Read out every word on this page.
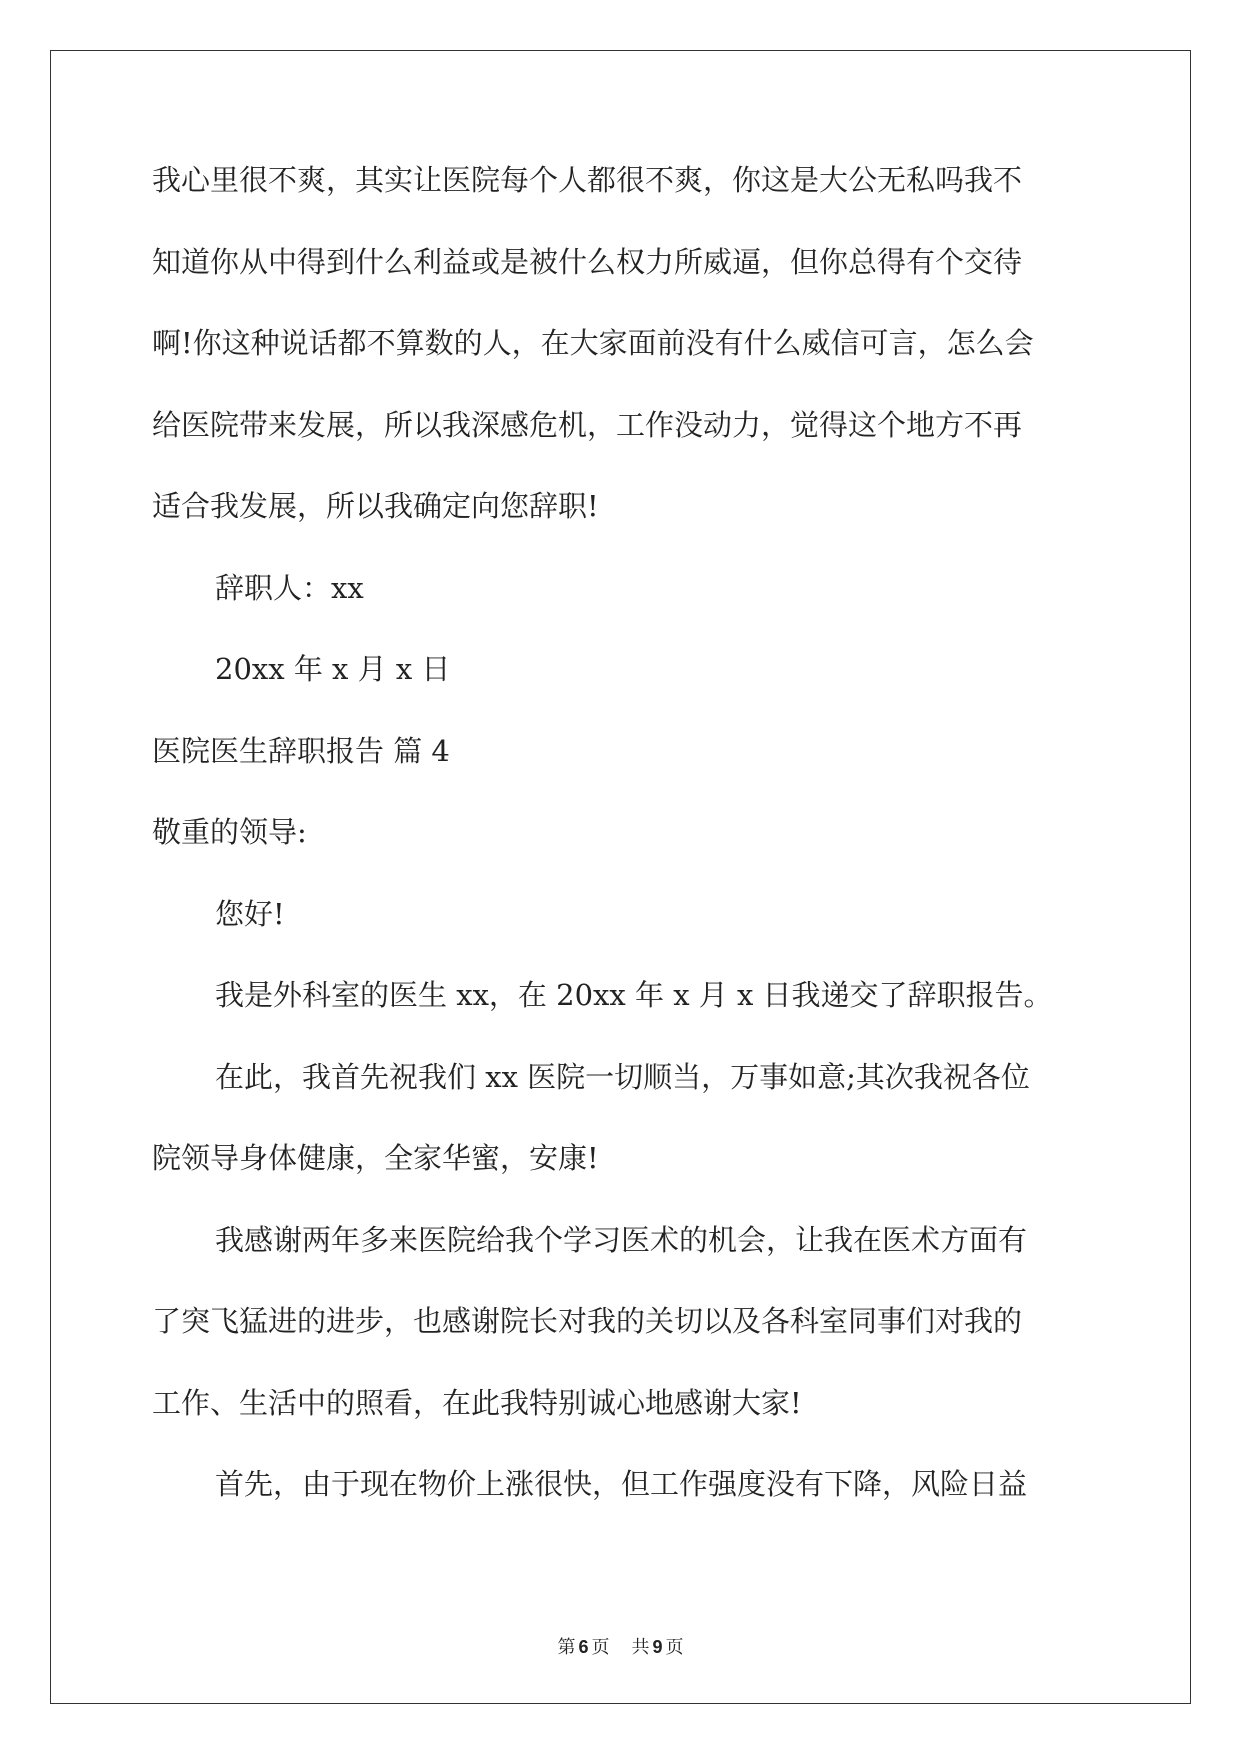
我心里很不爽，其实让医院每个人都很不爽，你这是大公无私吗我不
知道你从中得到什么利益或是被什么权力所威逼，但你总得有个交待
啊!你这种说话都不算数的人，在大家面前没有什么威信可言，怎么会
给医院带来发展，所以我深感危机，工作没动力，觉得这个地方不再
适合我发展，所以我确定向您辞职!
辞职人：xx
20xx 年 x 月 x 日
医院医生辞职报告 篇 4
敬重的领导:
您好!
我是外科室的医生 xx，在 20xx 年 x 月 x 日我递交了辞职报告。
在此，我首先祝我们 xx 医院一切顺当，万事如意;其次我祝各位
院领导身体健康，全家华蜜，安康!
我感谢两年多来医院给我个学习医术的机会，让我在医术方面有
了突飞猛进的进步，也感谢院长对我的关切以及各科室同事们对我的
工作、生活中的照看，在此我特别诚心地感谢大家!
首先，由于现在物价上涨很快，但工作强度没有下降，风险日益
第 6 页 共 9 页
